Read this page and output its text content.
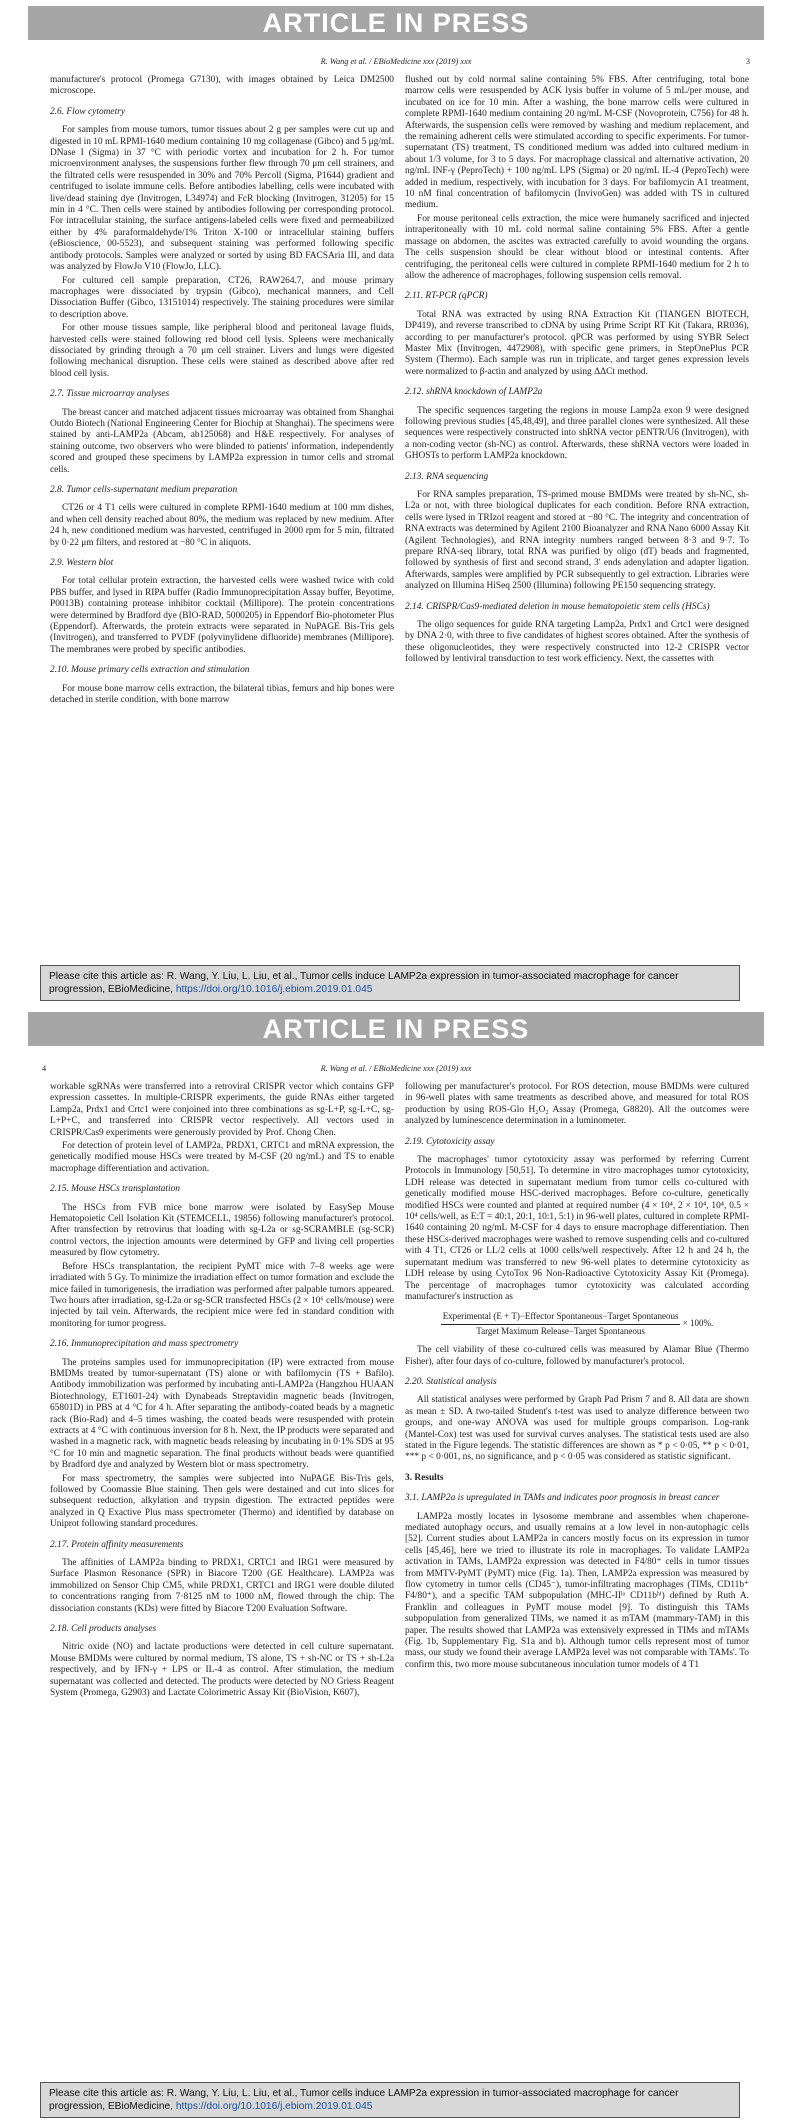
ARTICLE IN PRESS
R. Wang et al. / EBioMedicine xxx (2019) xxx	3

manufacturer's protocol (Promega G7130), with images obtained by Leica DM2500 microscope.

2.6. Flow cytometry

For samples from mouse tumors, tumor tissues about 2 g per samples were cut up and digested in 10 mL RPMI-1640 medium containing 10 mg collagenase (Gibco) and 5 μg/mL DNase I (Sigma) in 37 °C with periodic vortex and incubation for 2 h. For tumor microenvironment analyses, the suspensions further flew through 70 μm cell strainers, and the filtrated cells were resuspended in 30% and 70% Percoll (Sigma, P1644) gradient and centrifuged to isolate immune cells. Before antibodies labelling, cells were incubated with live/dead staining dye (Invitrogen, L34974) and FcR blocking (Invitrogen, 31205) for 15 min in 4 °C. Then cells were stained by antibodies following per corresponding protocol. For intracellular staining, the surface antigens-labeled cells were fixed and permeabilized either by 4% paraformaldehyde/1% Triton X-100 or intracellular staining buffers (eBioscience, 00-5523), and subsequent staining was performed following specific antibody protocols. Samples were analyzed or sorted by using BD FACSAria III, and data was analyzed by FlowJo V10 (FlowJo, LLC).

For cultured cell sample preparation, CT26, RAW264.7, and mouse primary macrophages were dissociated by trypsin (Gibco), mechanical manners, and Cell Dissociation Buffer (Gibco, 13151014) respectively. The staining procedures were similar to description above.

For other mouse tissues sample, like peripheral blood and peritoneal lavage fluids, harvested cells were stained following red blood cell lysis. Spleens were mechanically dissociated by grinding through a 70 μm cell strainer. Livers and lungs were digested following mechanical disruption. These cells were stained as described above after red blood cell lysis.

2.7. Tissue microarray analyses

The breast cancer and matched adjacent tissues microarray was obtained from Shanghai Outdo Biotech (National Engineering Center for Biochip at Shanghai). The specimens were stained by anti-LAMP2a (Abcam, ab125068) and H&E respectively. For analyses of staining outcome, two observers who were blinded to patients' information, independently scored and grouped these specimens by LAMP2a expression in tumor cells and stromal cells.

2.8. Tumor cells-supernatant medium preparation

CT26 or 4 T1 cells were cultured in complete RPMI-1640 medium at 100 mm dishes, and when cell density reached about 80%, the medium was replaced by new medium. After 24 h, new conditioned medium was harvested, centrifuged in 2000 rpm for 5 min, filtrated by 0·22 μm filters, and restored at −80 °C in aliquots.

2.9. Western blot

For total cellular protein extraction, the harvested cells were washed twice with cold PBS buffer, and lysed in RIPA buffer (Radio Immunoprecipitation Assay buffer, Beyotime, P0013B) containing protease inhibitor cocktail (Millipore). The protein concentrations were determined by Bradford dye (BIO-RAD, 5000205) in Eppendorf Bio-photometer Plus (Eppendorf). Afterwards, the protein extracts were separated in NuPAGE Bis-Tris gels (Invitrogen), and transferred to PVDF (polyvinylidene difluoride) membranes (Millipore). The membranes were probed by specific antibodies.

2.10. Mouse primary cells extraction and stimulation

For mouse bone marrow cells extraction, the bilateral tibias, femurs and hip bones were detached in sterile condition, with bone marrow

flushed out by cold normal saline containing 5% FBS. After centrifuging, total bone marrow cells were resuspended by ACK lysis buffer in volume of 5 mL/per mouse, and incubated on ice for 10 min. After a washing, the bone marrow cells were cultured in complete RPMI-1640 medium containing 20 ng/mL M-CSF (Novoprotein, C756) for 48 h. Afterwards, the suspension cells were removed by washing and medium replacement, and the remaining adherent cells were stimulated according to specific experiments. For tumor-supernatant (TS) treatment, TS conditioned medium was added into cultured medium in about 1/3 volume, for 3 to 5 days. For macrophage classical and alternative activation, 20 ng/mL INF-γ (PeproTech) + 100 ng/mL LPS (Sigma) or 20 ng/mL IL-4 (PeproTech) were added in medium, respectively, with incubation for 3 days. For bafilomycin A1 treatment, 10 nM final concentration of bafilomycin (InvivoGen) was added with TS in cultured medium.

For mouse peritoneal cells extraction, the mice were humanely sacrificed and injected intraperitoneally with 10 mL cold normal saline containing 5% FBS. After a gentle massage on abdomen, the ascites was extracted carefully to avoid wounding the organs. The cells suspension should be clear without blood or intestinal contents. After centrifuging, the peritoneal cells were cultured in complete RPMI-1640 medium for 2 h to allow the adherence of macrophages, following suspension cells removal.

2.11. RT-PCR (qPCR)

Total RNA was extracted by using RNA Extraction Kit (TIANGEN BIOTECH, DP419), and reverse transcribed to cDNA by using Prime Script RT Kit (Takara, RR036), according to per manufacturer's protocol. qPCR was performed by using SYBR Select Master Mix (Invitrogen, 4472908), with specific gene primers, in StepOnePlus PCR System (Thermo). Each sample was run in triplicate, and target genes expression levels were normalized to β-actin and analyzed by using ΔΔCt method.

2.12. shRNA knockdown of LAMP2a

The specific sequences targeting the regions in mouse Lamp2a exon 9 were designed following previous studies [45,48,49], and three parallel clones were synthesized. All these sequences were respectively constructed into shRNA vector pENTR/U6 (Invitrogen), with a non-coding vector (sh-NC) as control. Afterwards, these shRNA vectors were loaded in GHOSTs to perform LAMP2a knockdown.

2.13. RNA sequencing

For RNA samples preparation, TS-primed mouse BMDMs were treated by sh-NC, sh-L2a or not, with three biological duplicates for each condition. Before RNA extraction, cells were lysed in TRIzol reagent and stored at −80 °C. The integrity and concentration of RNA extracts was determined by Agilent 2100 Bioanalyzer and RNA Nano 6000 Assay Kit (Agilent Technologies), and RNA integrity numbers ranged between 8·3 and 9·7. To prepare RNA-seq library, total RNA was purified by oligo (dT) beads and fragmented, followed by synthesis of first and second strand, 3′ ends adenylation and adapter ligation. Afterwards, samples were amplified by PCR subsequently to gel extraction. Libraries were analyzed on Illumina HiSeq 2500 (Illumina) following PE150 sequencing strategy.

2.14. CRISPR/Cas9-mediated deletion in mouse hematopoietic stem cells (HSCs)

The oligo sequences for guide RNA targeting Lamp2a, Prdx1 and Crtc1 were designed by DNA 2·0, with three to five candidates of highest scores obtained. After the synthesis of these oligonucleotides, they were respectively constructed into 12-2 CRISPR vector followed by lentiviral transduction to test work efficiency. Next, the cassettes with

Please cite this article as: R. Wang, Y. Liu, L. Liu, et al., Tumor cells induce LAMP2a expression in tumor-associated macrophage for cancer progression, EBioMedicine, https://doi.org/10.1016/j.ebiom.2019.01.045
ARTICLE IN PRESS
4	R. Wang et al. / EBioMedicine xxx (2019) xxx

workable sgRNAs were transferred into a retroviral CRISPR vector which contains GFP expression cassettes. In multiple-CRISPR experiments, the guide RNAs either targeted Lamp2a, Prdx1 and Crtc1 were conjoined into three combinations as sg-L+P, sg-L+C, sg-L+P+C, and transferred into CRISPR vector respectively. All vectors used in CRISPR/Cas9 experiments were generously provided by Prof. Chong Chen.

For detection of protein level of LAMP2a, PRDX1, CRTC1 and mRNA expression, the genetically modified mouse HSCs were treated by M-CSF (20 ng/mL) and TS to enable macrophage differentiation and activation.

2.15. Mouse HSCs transplantation

The HSCs from FVB mice bone marrow were isolated by EasySep Mouse Hematopoietic Cell Isolation Kit (STEMCELL, 19856) following manufacturer's protocol. After transfection by retrovirus that loading with sg-L2a or sg-SCRAMBLE (sg-SCR) control vectors, the injection amounts were determined by GFP and living cell properties measured by flow cytometry.

Before HSCs transplantation, the recipient PyMT mice with 7–8 weeks age were irradiated with 5 Gy. To minimize the irradiation effect on tumor formation and exclude the mice failed in tumorigenesis, the irradiation was performed after palpable tumors appeared. Two hours after irradiation, sg-L2a or sg-SCR transfected HSCs (2 × 10⁶ cells/mouse) were injected by tail vein. Afterwards, the recipient mice were fed in standard condition with monitoring for tumor progress.

2.16. Immunoprecipitation and mass spectrometry

The proteins samples used for immunoprecipitation (IP) were extracted from mouse BMDMs treated by tumor-supernatant (TS) alone or with bafilomycin (TS + Bafilo). Antibody immobilization was performed by incubating anti-LAMP2a (Hangzhou HUAAN Biotechnology, ET1601-24) with Dynabeads Streptavidin magnetic beads (Invitrogen, 65801D) in PBS at 4 °C for 4 h. After separating the antibody-coated beads by a magnetic rack (Bio-Rad) and 4–5 times washing, the coated beads were resuspended with protein extracts at 4 °C with continuous inversion for 8 h. Next, the IP products were separated and washed in a magnetic rack, with magnetic beads releasing by incubating in 0·1% SDS at 95 °C for 10 min and magnetic separation. The final products without beads were quantified by Bradford dye and analyzed by Western blot or mass spectrometry.

For mass spectrometry, the samples were subjected into NuPAGE Bis-Tris gels, followed by Coomassie Blue staining. Then gels were destained and cut into slices for subsequent reduction, alkylation and trypsin digestion. The extracted peptides were analyzed in Q Exactive Plus mass spectrometer (Thermo) and identified by database on Uniprot following standard procedures.

2.17. Protein affinity measurements

The affinities of LAMP2a binding to PRDX1, CRTC1 and IRG1 were measured by Surface Plasmon Resonance (SPR) in Biacore T200 (GE Healthcare). LAMP2a was immobilized on Sensor Chip CM5, while PRDX1, CRTC1 and IRG1 were double diluted to concentrations ranging from 7·8125 nM to 1000 nM, flowed through the chip. The dissociation constants (KDs) were fitted by Biacore T200 Evaluation Software.

2.18. Cell products analyses

Nitric oxide (NO) and lactate productions were detected in cell culture supernatant. Mouse BMDMs were cultured by normal medium, TS alone, TS + sh-NC or TS + sh-L2a respectively, and by IFN-γ + LPS or IL-4 as control. After stimulation, the medium supernatant was collected and detected. The products were detected by NO Griess Reagent System (Promega, G2903) and Lactate Colorimetric Assay Kit (BioVision, K607),

following per manufacturer's protocol. For ROS detection, mouse BMDMs were cultured in 96-well plates with same treatments as described above, and measured for total ROS production by using ROS-Glo H₂O₂ Assay (Promega, G8820). All the outcomes were analyzed by luminescence determination in a luminometer.

2.19. Cytotoxicity assay

The macrophages' tumor cytotoxicity assay was performed by referring Current Protocols in Immunology [50,51]. To determine in vitro macrophages tumor cytotoxicity, LDH release was detected in supernatant medium from tumor cells co-cultured with genetically modified mouse HSC-derived macrophages. Before co-culture, genetically modified HSCs were counted and planted at required number (4 × 10⁴, 2 × 10⁴, 10⁴, 0.5 × 10⁴ cells/well, as E:T = 40:1, 20:1, 10:1, 5:1) in 96-well plates, cultured in complete RPMI-1640 containing 20 ng/mL M-CSF for 4 days to ensure macrophage differentiation. Then these HSCs-derived macrophages were washed to remove suspending cells and co-cultured with 4 T1, CT26 or LL/2 cells at 1000 cells/well respectively. After 12 h and 24 h, the supernatant medium was transferred to new 96-well plates to determine cytotoxicity as LDH release by using CytoTox 96 Non-Radioactive Cytotoxicity Assay Kit (Promega). The percentage of macrophages tumor cytotoxicity was calculated according manufacturer's instruction as

$\frac{\text{Experimental (E + T)−Effector Spontaneous−Target Spontaneous}}{\text{Target Maximum Release−Target Spontaneous}} \times 100\%$.

The cell viability of these co-cultured cells was measured by Alamar Blue (Thermo Fisher), after four days of co-culture, followed by manufacturer's protocol.

2.20. Statistical analysis

All statistical analyses were performed by Graph Pad Prism 7 and 8. All data are shown as mean ± SD. A two-tailed Student's t-test was used to analyze difference between two groups, and one-way ANOVA was used for multiple groups comparison. Log-rank (Mantel-Cox) test was used for survival curves analyses. The statistical tests used are also stated in the Figure legends. The statistic differences are shown as * p < 0·05, ** p < 0·01, *** p < 0·001, ns, no significance, and p < 0·05 was considered as statistic significant.

3. Results
3.1. LAMP2a is upregulated in TAMs and indicates poor prognosis in breast cancer

LAMP2a mostly locates in lysosome membrane and assembles when chaperone-mediated autophagy occurs, and usually remains at a low level in non-autophagic cells [52]. Current studies about LAMP2a in cancers mostly focus on its expression in tumor cells [45,46], here we tried to illustrate its role in macrophages. To validate LAMP2a activation in TAMs, LAMP2a expression was detected in F4/80⁺ cells in tumor tissues from MMTV-PyMT (PyMT) mice (Fig. 1a). Then, LAMP2a expression was measured by flow cytometry in tumor cells (CD45⁻), tumor-infiltrating macrophages (TIMs, CD11b⁺ F4/80⁺), and a specific TAM subpopulation (MHC-IIˡᵒ CD11bʰⁱ) defined by Ruth A. Franklin and colleagues in PyMT mouse model [9]. To distinguish this TAMs subpopulation from generalized TIMs, we named it as mTAM (mammary-TAM) in this paper. The results showed that LAMP2a was extensively expressed in TIMs and mTAMs (Fig. 1b, Supplementary Fig. S1a and b). Although tumor cells represent most of tumor mass, our study we found their average LAMP2a level was not comparable with TAMs'. To confirm this, two more mouse subcutaneous inoculation tumor models of 4 T1

Please cite this article as: R. Wang, Y. Liu, L. Liu, et al., Tumor cells induce LAMP2a expression in tumor-associated macrophage for cancer progression, EBioMedicine, https://doi.org/10.1016/j.ebiom.2019.01.045
